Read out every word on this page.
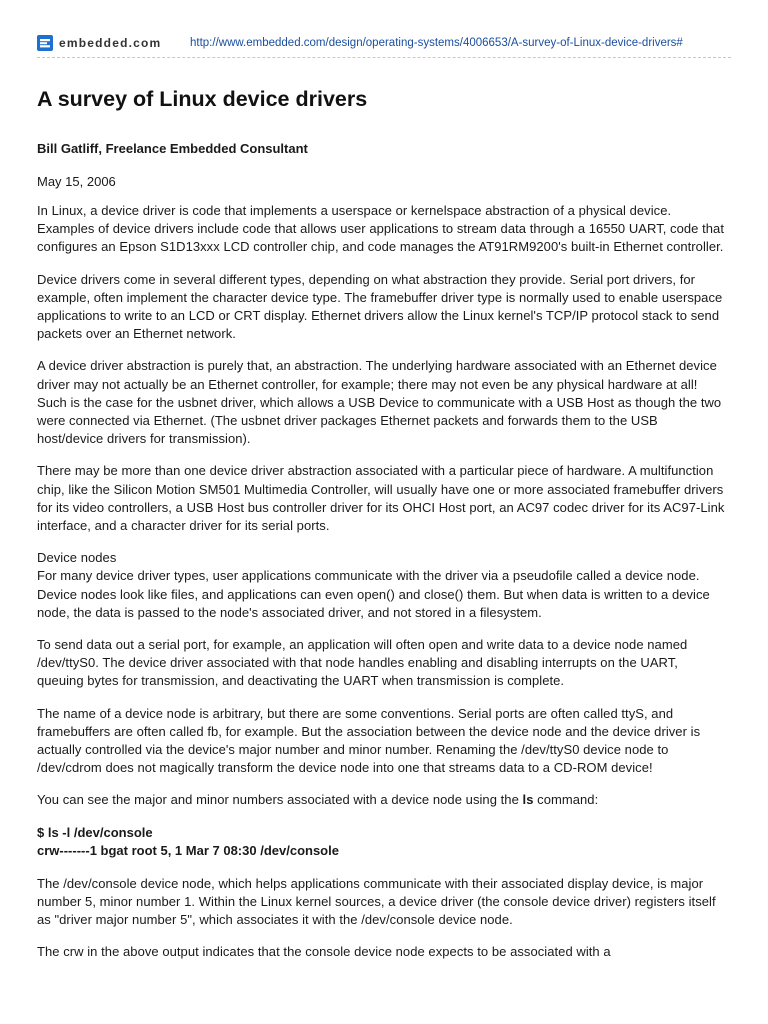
embedded.com http://www.embedded.com/design/operating-systems/4006653/A-survey-of-Linux-device-drivers#
A survey of Linux device drivers
Bill Gatliff, Freelance Embedded Consultant
May 15, 2006

In Linux, a device driver is code that implements a userspace or kernelspace abstraction of a physical device. Examples of device drivers include code that allows user applications to stream data through a 16550 UART, code that configures an Epson S1D13xxx LCD controller chip, and code manages the AT91RM9200's built-in Ethernet controller.

Device drivers come in several different types, depending on what abstraction they provide. Serial port drivers, for example, often implement the character device type. The framebuffer driver type is normally used to enable userspace applications to write to an LCD or CRT display. Ethernet drivers allow the Linux kernel's TCP/IP protocol stack to send packets over an Ethernet network.

A device driver abstraction is purely that, an abstraction. The underlying hardware associated with an Ethernet device driver may not actually be an Ethernet controller, for example; there may not even be any physical hardware at all! Such is the case for the usbnet driver, which allows a USB Device to communicate with a USB Host as though the two were connected via Ethernet. (The usbnet driver packages Ethernet packets and forwards them to the USB host/device drivers for transmission).

There may be more than one device driver abstraction associated with a particular piece of hardware. A multifunction chip, like the Silicon Motion SM501 Multimedia Controller, will usually have one or more associated framebuffer drivers for its video controllers, a USB Host bus controller driver for its OHCI Host port, an AC97 codec driver for its AC97-Link interface, and a character driver for its serial ports.

Device nodes
For many device driver types, user applications communicate with the driver via a pseudofile called a device node. Device nodes look like files, and applications can even open() and close() them. But when data is written to a device node, the data is passed to the node's associated driver, and not stored in a filesystem.

To send data out a serial port, for example, an application will often open and write data to a device node named /dev/ttyS0. The device driver associated with that node handles enabling and disabling interrupts on the UART, queuing bytes for transmission, and deactivating the UART when transmission is complete.

The name of a device node is arbitrary, but there are some conventions. Serial ports are often called ttyS, and framebuffers are often called fb, for example. But the association between the device node and the device driver is actually controlled via the device's major number and minor number. Renaming the /dev/ttyS0 device node to /dev/cdrom does not magically transform the device node into one that streams data to a CD-ROM device!

You can see the major and minor numbers associated with a device node using the ls command:

$ ls -l /dev/console
crw-------1 bgat root 5, 1 Mar 7 08:30 /dev/console

The /dev/console device node, which helps applications communicate with their associated display device, is major number 5, minor number 1. Within the Linux kernel sources, a device driver (the console device driver) registers itself as "driver major number 5", which associates it with the /dev/console device node.

The crw in the above output indicates that the console device node expects to be associated with a
